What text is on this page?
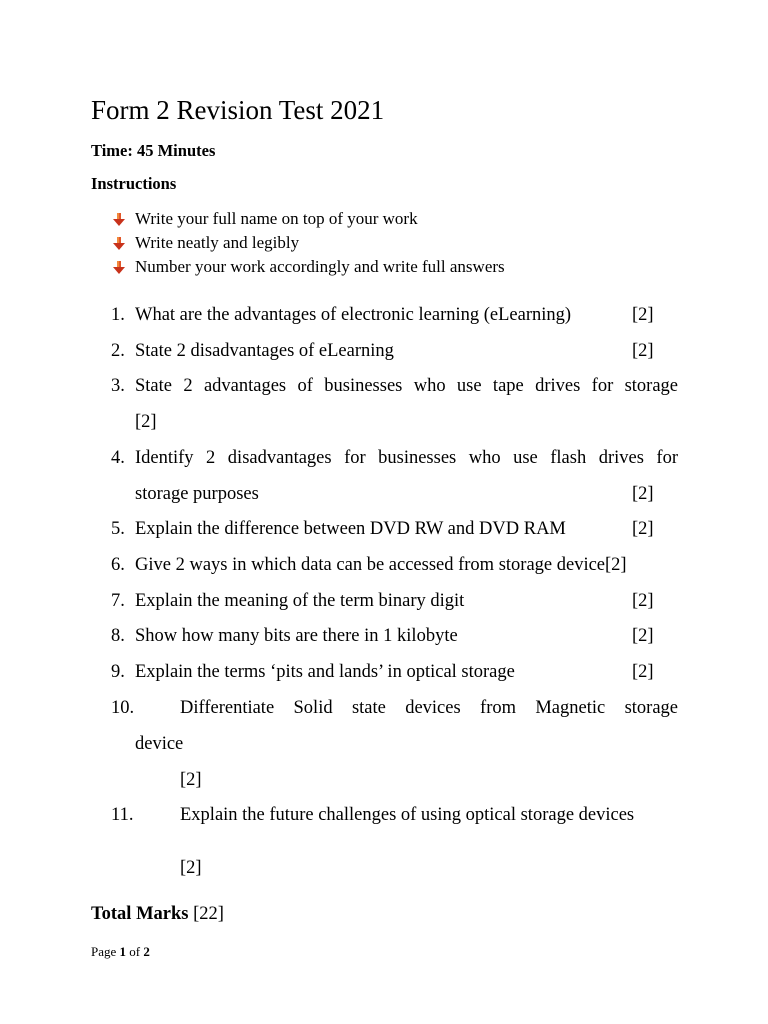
Form 2 Revision Test 2021
Time: 45 Minutes
Instructions
Write your full name on top of your work
Write neatly and legibly
Number your work accordingly and write full answers
1. What are the advantages of electronic learning (eLearning)	[2]
2. State 2 disadvantages of eLearning	[2]
3. State 2 advantages of businesses who use tape drives for storage
[2]
4. Identify 2 disadvantages for businesses who use flash drives for
storage purposes	[2]
5. Explain the difference between DVD RW and DVD RAM	[2]
6. Give 2 ways in which data can be accessed from storage device[2]
7. Explain the meaning of the term binary digit	[2]
8. Show how many bits are there in 1 kilobyte	[2]
9. Explain the terms ‘pits and lands’ in optical storage	[2]
10. Differentiate Solid state devices from Magnetic storage
device
[2]
11.	Explain the future challenges of using optical storage devices
[2]
Total Marks [22]
Page 1 of 2
